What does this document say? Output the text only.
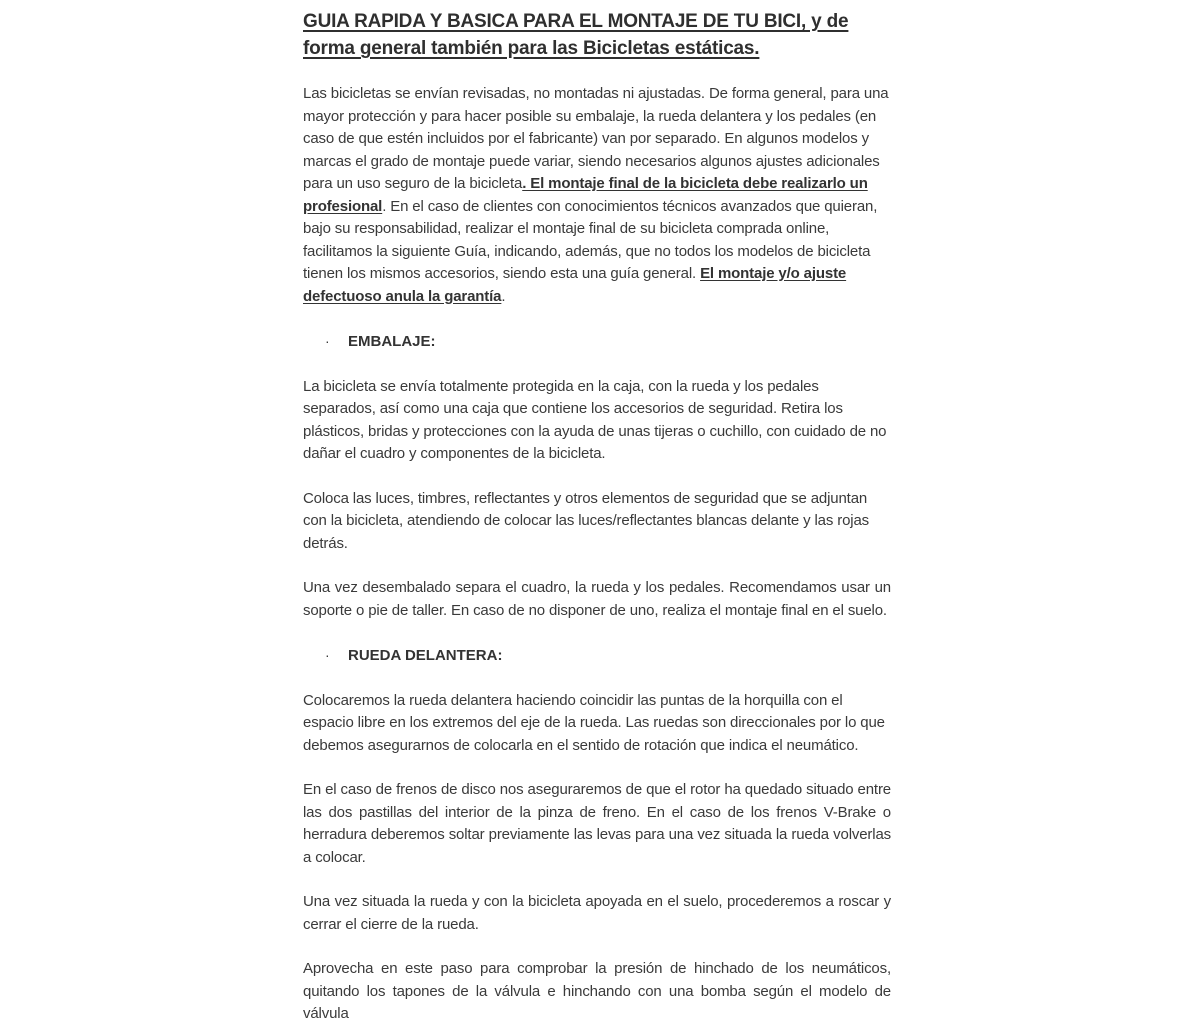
GUIA RAPIDA Y BASICA PARA EL MONTAJE DE TU BICI, y de forma general también para las Bicicletas estáticas.

Las bicicletas se envían revisadas, no montadas ni ajustadas. De forma general, para una mayor protección y para hacer posible su embalaje, la rueda delantera y los pedales (en caso de que estén incluidos por el fabricante) van por separado. En algunos modelos y marcas el grado de montaje puede variar, siendo necesarios algunos ajustes adicionales para un uso seguro de la bicicleta. El montaje final de la bicicleta debe realizarlo un profesional. En el caso de clientes con conocimientos técnicos avanzados que quieran, bajo su responsabilidad, realizar el montaje final de su bicicleta comprada online, facilitamos la siguiente Guía, indicando, además, que no todos los modelos de bicicleta tienen los mismos accesorios, siendo esta una guía general. El montaje y/o ajuste defectuoso anula la garantía.

·	EMBALAJE:

La bicicleta se envía totalmente protegida en la caja, con la rueda y los pedales separados, así como una caja que contiene los accesorios de seguridad. Retira los plásticos, bridas y protecciones con la ayuda de unas tijeras o cuchillo, con cuidado de no dañar el cuadro y componentes de la bicicleta.

Coloca las luces, timbres, reflectantes y otros elementos de seguridad que se adjuntan con la bicicleta, atendiendo de colocar las luces/reflectantes blancas delante y las rojas detrás.

Una vez desembalado separa el cuadro, la rueda y los pedales. Recomendamos usar un soporte o pie de taller. En caso de no disponer de uno, realiza el montaje final en el suelo.

·	RUEDA DELANTERA:

Colocaremos la rueda delantera haciendo coincidir las puntas de la horquilla con el espacio libre en los extremos del eje de la rueda. Las ruedas son direccionales por lo que debemos asegurarnos de colocarla en el sentido de rotación que indica el neumático.

En el caso de frenos de disco nos aseguraremos de que el rotor ha quedado situado entre las dos pastillas del interior de la pinza de freno. En el caso de los frenos V-Brake o herradura deberemos soltar previamente las levas para una vez situada la rueda volverlas a colocar.

Una vez situada la rueda y con la bicicleta apoyada en el suelo, procederemos a roscar y cerrar el cierre de la rueda.

Aprovecha en este paso para comprobar la presión de hinchado de los neumáticos, quitando los tapones de la válvula e hinchando con una bomba según el modelo de válvula
